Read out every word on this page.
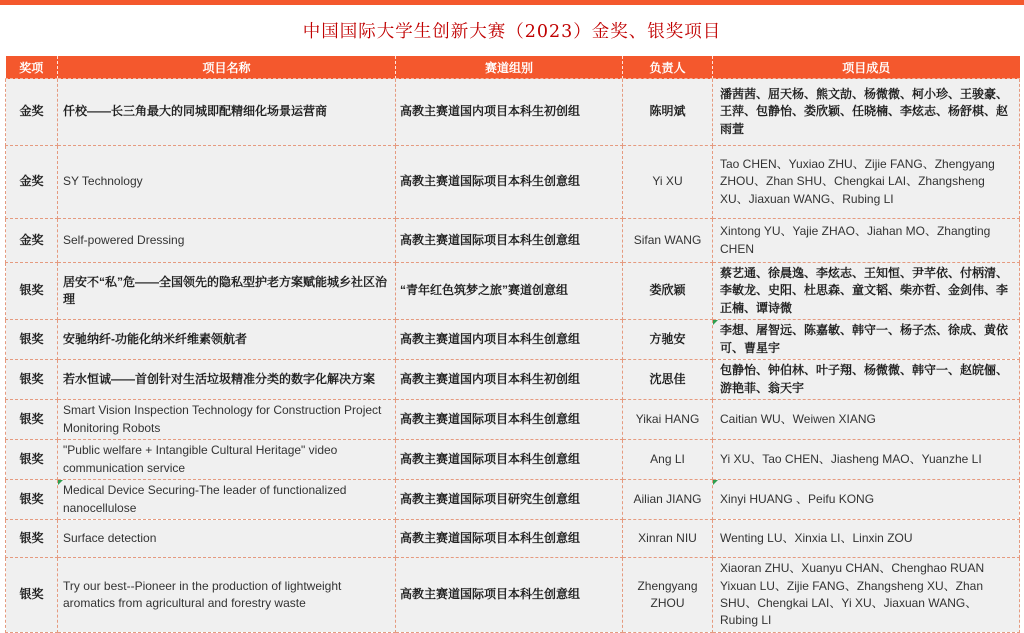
中国国际大学生创新大赛（2023）金奖、银奖项目
奖项	项目名称	赛道组别	负责人	项目成员
金奖	仟校——长三角最大的同城即配精细化场景运营商	高教主赛道国内项目本科生初创组	陈明斌	潘茜茜、屈天杨、熊文劼、杨微微、柯小珍、王骏豪、王萍、包静怡、娄欣颖、任晓楠、李炫志、杨舒棋、赵雨萱
金奖	SY Technology	高教主赛道国际项目本科生创意组	Yi XU	Tao CHEN、Yuxiao ZHU、Zijie FANG、Zhengyang ZHOU、Zhan SHU、Chengkai LAI、Zhangsheng XU、Jiaxuan WANG、Rubing LI
金奖	Self-powered Dressing	高教主赛道国际项目本科生创意组	Sifan WANG	Xintong YU、Yajie ZHAO、Jiahan MO、Zhangting CHEN
银奖	居安不“私”危——全国领先的隐私型护老方案赋能城乡社区治理	“青年红色筑梦之旅”赛道创意组	娄欣颖	蔡艺通、徐晨逸、李炫志、王知恒、尹芊依、付柄清、李敏龙、史阳、杜思森、童文韬、柴亦哲、金剑伟、李正楠、谭诗微
银奖	安驰纳纤-功能化纳米纤维素领航者	高教主赛道国内项目本科生创意组	方驰安	李想、屠智远、陈嘉敏、韩守一、杨子杰、徐成、黄依可、曹星宇
银奖	若水恒诚——首创针对生活垃圾精准分类的数字化解决方案	高教主赛道国内项目本科生初创组	沈思佳	包静怡、钟伯林、叶子翔、杨微微、韩守一、赵皖俪、游艳菲、翁天宇
银奖	Smart Vision Inspection Technology for Construction Project Monitoring Robots	高教主赛道国际项目本科生创意组	Yikai HANG	Caitian WU、Weiwen XIANG
银奖	"Public welfare + Intangible Cultural Heritage" video communication service	高教主赛道国际项目本科生创意组	Ang LI	Yi XU、Tao CHEN、Jiasheng MAO、Yuanzhe LI
银奖	Medical Device Securing-The leader of functionalized nanocellulose	高教主赛道国际项目研究生创意组	Ailian JIANG	Xinyi HUANG 、Peifu KONG
银奖	Surface detection	高教主赛道国际项目本科生创意组	Xinran NIU	Wenting LU、Xinxia LI、Linxin ZOU
银奖	Try our best--Pioneer in the production of lightweight aromatics from agricultural and forestry waste	高教主赛道国际项目本科生创意组	Zhengyang ZHOU	Xiaoran ZHU、Xuanyu CHAN、Chenghao RUAN Yixuan LU、Zijie FANG、Zhangsheng XU、Zhan SHU、Chengkai LAI、Yi XU、Jiaxuan WANG、Rubing LI
